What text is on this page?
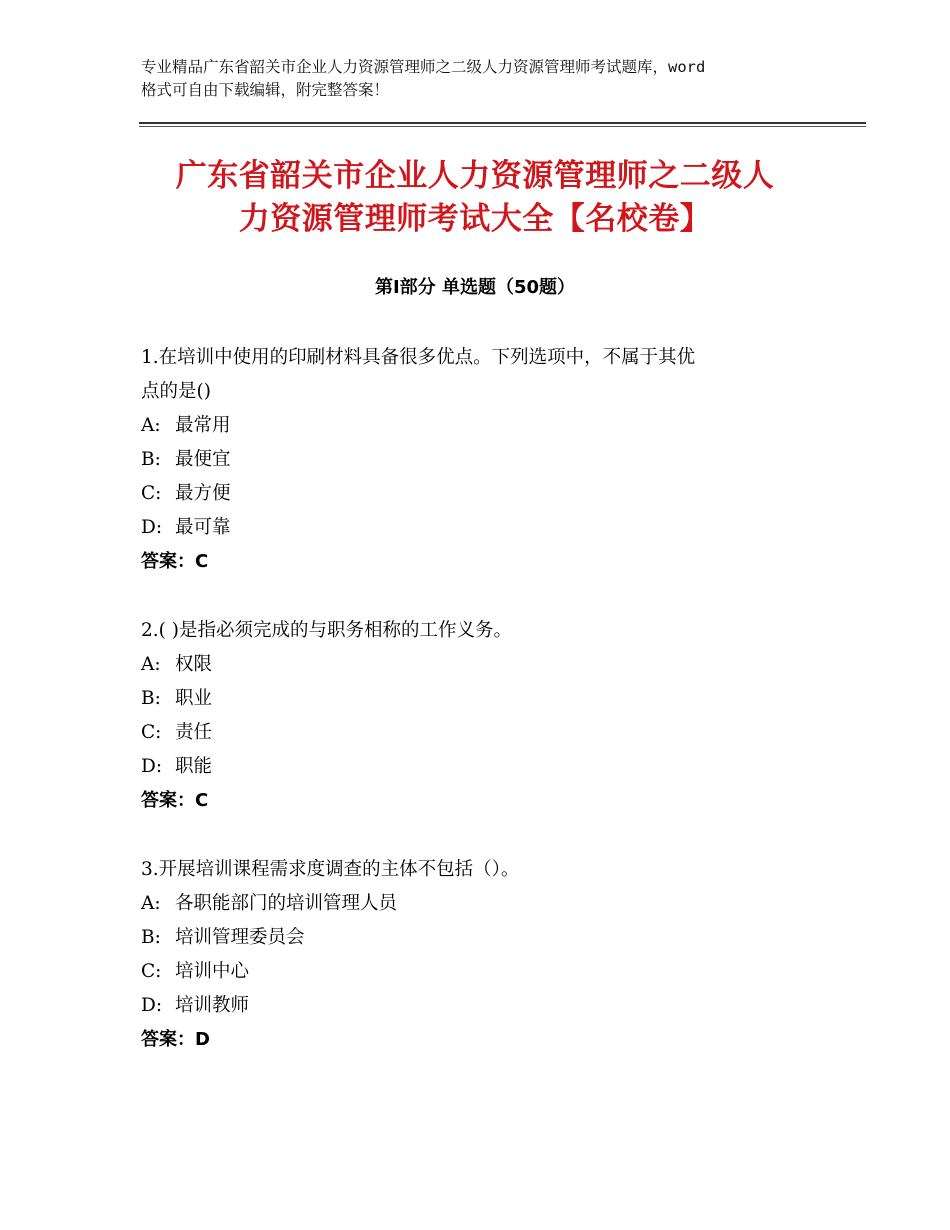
专业精品广东省韶关市企业人力资源管理师之二级人力资源管理师考试题库，word
格式可自由下载编辑，附完整答案！
广东省韶关市企业人力资源管理师之二级人
力资源管理师考试大全【名校卷】
第Ⅰ部分 单选题（50题）

1.在培训中使用的印刷材料具备很多优点。下列选项中，不属于其优

点的是()

A: 最常用

B: 最便宜

C: 最方便

D: 最可靠

答案：C

2.( )是指必须完成的与职务相称的工作义务。

A: 权限

B: 职业

C: 责任

D: 职能

答案：C

3.开展培训课程需求度调查的主体不包括（）。

A: 各职能部门的培训管理人员

B: 培训管理委员会

C: 培训中心

D: 培训教师

答案：D
